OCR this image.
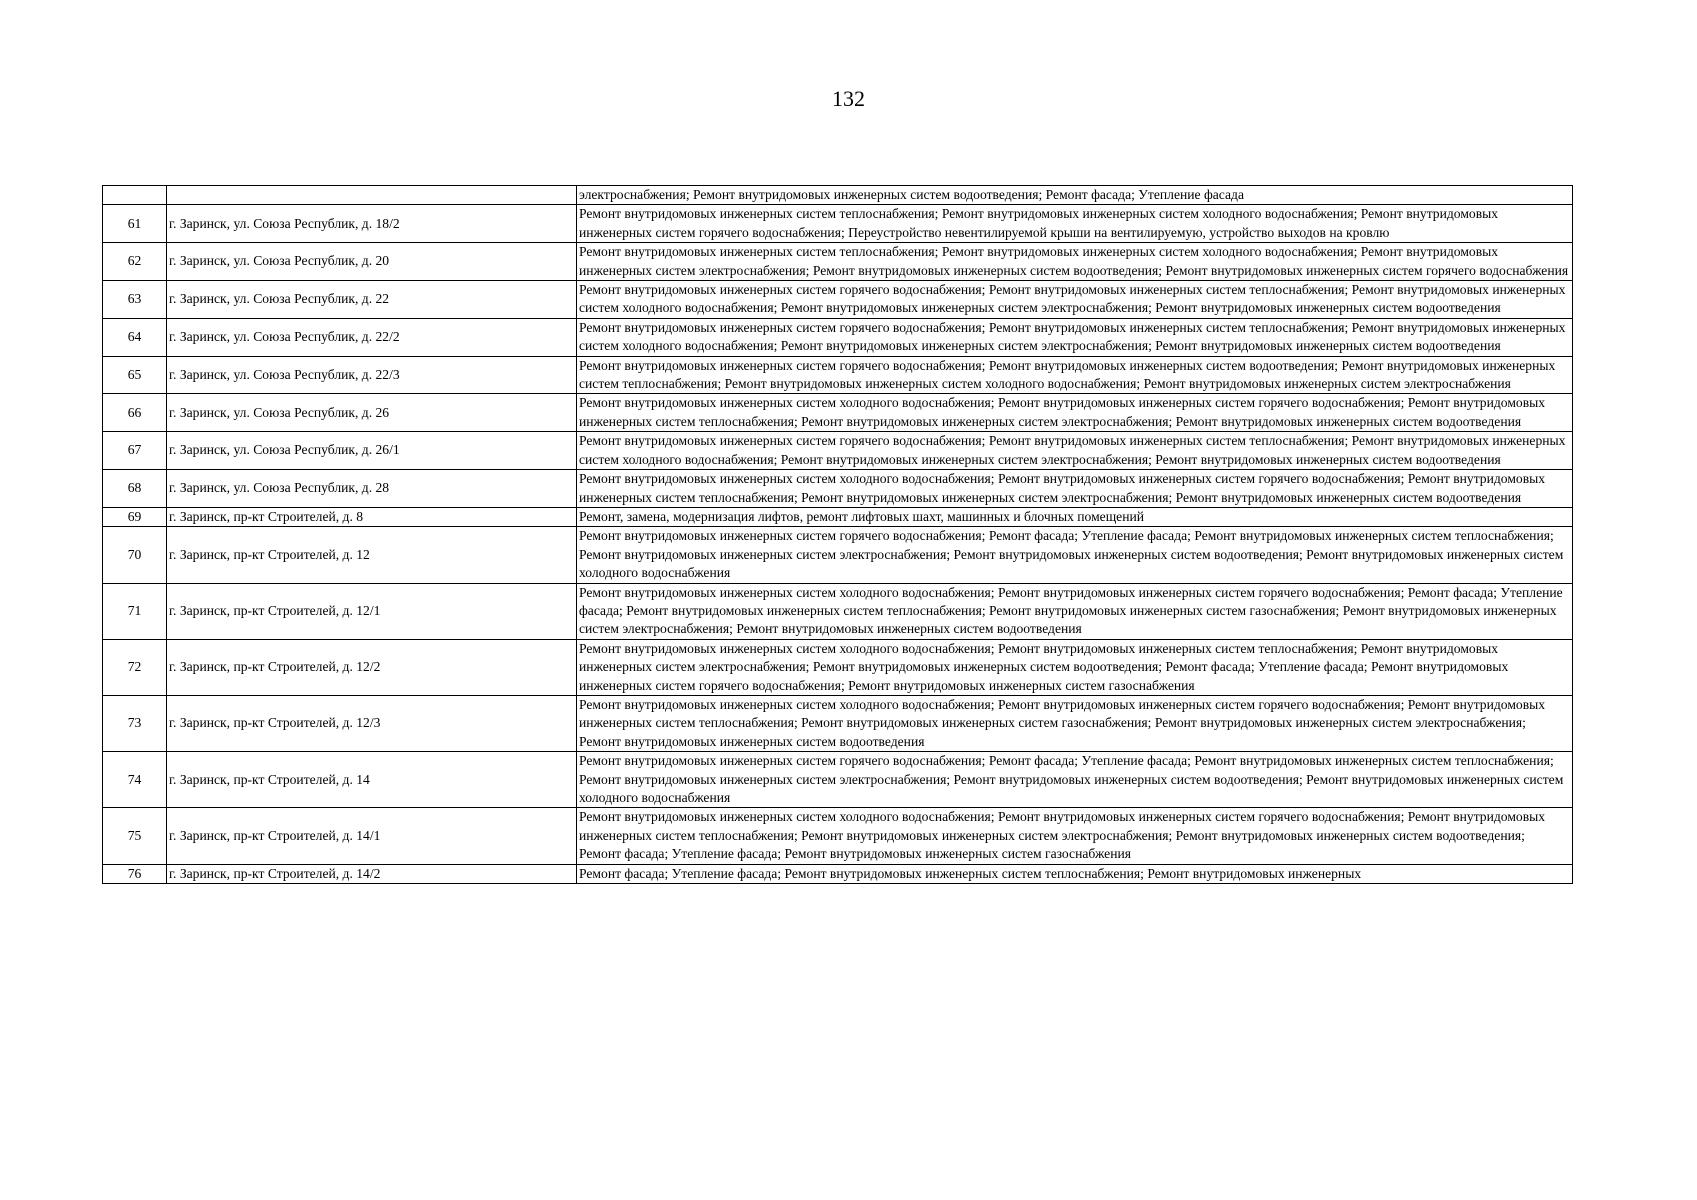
132
		электроснабжения; Ремонт внутридомовых инженерных систем водоотведения; Ремонт фасада; Утепление фасада
61	г. Заринск, ул. Союза Республик, д. 18/2	Ремонт внутридомовых инженерных систем теплоснабжения; Ремонт внутридомовых инженерных систем холодного водоснабжения; Ремонт внутридомовых инженерных систем горячего водоснабжения; Переустройство невентилируемой крыши на вентилируемую, устройство выходов на кровлю
62	г. Заринск, ул. Союза Республик, д. 20	Ремонт внутридомовых инженерных систем теплоснабжения; Ремонт внутридомовых инженерных систем холодного водоснабжения; Ремонт внутридомовых инженерных систем электроснабжения; Ремонт внутридомовых инженерных систем водоотведения; Ремонт внутридомовых инженерных систем горячего водоснабжения
63	г. Заринск, ул. Союза Республик, д. 22	Ремонт внутридомовых инженерных систем горячего водоснабжения; Ремонт внутридомовых инженерных систем теплоснабжения; Ремонт внутридомовых инженерных систем холодного водоснабжения; Ремонт внутридомовых инженерных систем электроснабжения; Ремонт внутридомовых инженерных систем водоотведения
64	г. Заринск, ул. Союза Республик, д. 22/2	Ремонт внутридомовых инженерных систем горячего водоснабжения; Ремонт внутридомовых инженерных систем теплоснабжения; Ремонт внутридомовых инженерных систем холодного водоснабжения; Ремонт внутридомовых инженерных систем электроснабжения; Ремонт внутридомовых инженерных систем водоотведения
65	г. Заринск, ул. Союза Республик, д. 22/3	Ремонт внутридомовых инженерных систем горячего водоснабжения; Ремонт внутридомовых инженерных систем водоотведения; Ремонт внутридомовых инженерных систем теплоснабжения; Ремонт внутридомовых инженерных систем холодного водоснабжения; Ремонт внутридомовых инженерных систем электроснабжения
66	г. Заринск, ул. Союза Республик, д. 26	Ремонт внутридомовых инженерных систем холодного водоснабжения; Ремонт внутридомовых инженерных систем горячего водоснабжения; Ремонт внутридомовых инженерных систем теплоснабжения; Ремонт внутридомовых инженерных систем электроснабжения; Ремонт внутридомовых инженерных систем водоотведения
67	г. Заринск, ул. Союза Республик, д. 26/1	Ремонт внутридомовых инженерных систем горячего водоснабжения; Ремонт внутридомовых инженерных систем теплоснабжения; Ремонт внутридомовых инженерных систем холодного водоснабжения; Ремонт внутридомовых инженерных систем электроснабжения; Ремонт внутридомовых инженерных систем водоотведения
68	г. Заринск, ул. Союза Республик, д. 28	Ремонт внутридомовых инженерных систем холодного водоснабжения; Ремонт внутридомовых инженерных систем горячего водоснабжения; Ремонт внутридомовых инженерных систем теплоснабжения; Ремонт внутридомовых инженерных систем электроснабжения; Ремонт внутридомовых инженерных систем водоотведения
69	г. Заринск, пр-кт Строителей, д. 8	Ремонт, замена, модернизация лифтов, ремонт лифтовых шахт, машинных и блочных помещений
70	г. Заринск, пр-кт Строителей, д. 12	Ремонт внутридомовых инженерных систем горячего водоснабжения; Ремонт фасада; Утепление фасада; Ремонт внутридомовых инженерных систем теплоснабжения; Ремонт внутридомовых инженерных систем электроснабжения; Ремонт внутридомовых инженерных систем водоотведения; Ремонт внутридомовых инженерных систем холодного водоснабжения
71	г. Заринск, пр-кт Строителей, д. 12/1	Ремонт внутридомовых инженерных систем холодного водоснабжения; Ремонт внутридомовых инженерных систем горячего водоснабжения; Ремонт фасада; Утепление фасада; Ремонт внутридомовых инженерных систем теплоснабжения; Ремонт внутридомовых инженерных систем газоснабжения; Ремонт внутридомовых инженерных систем электроснабжения; Ремонт внутридомовых инженерных систем водоотведения
72	г. Заринск, пр-кт Строителей, д. 12/2	Ремонт внутридомовых инженерных систем холодного водоснабжения; Ремонт внутридомовых инженерных систем теплоснабжения; Ремонт внутридомовых инженерных систем электроснабжения; Ремонт внутридомовых инженерных систем водоотведения; Ремонт фасада; Утепление фасада; Ремонт внутридомовых инженерных систем горячего водоснабжения; Ремонт внутридомовых инженерных систем газоснабжения
73	г. Заринск, пр-кт Строителей, д. 12/3	Ремонт внутридомовых инженерных систем холодного водоснабжения; Ремонт внутридомовых инженерных систем горячего водоснабжения; Ремонт внутридомовых инженерных систем теплоснабжения; Ремонт внутридомовых инженерных систем газоснабжения; Ремонт внутридомовых инженерных систем электроснабжения; Ремонт внутридомовых инженерных систем водоотведения
74	г. Заринск, пр-кт Строителей, д. 14	Ремонт внутридомовых инженерных систем горячего водоснабжения; Ремонт фасада; Утепление фасада; Ремонт внутридомовых инженерных систем теплоснабжения; Ремонт внутридомовых инженерных систем электроснабжения; Ремонт внутридомовых инженерных систем водоотведения; Ремонт внутридомовых инженерных систем холодного водоснабжения
75	г. Заринск, пр-кт Строителей, д. 14/1	Ремонт внутридомовых инженерных систем холодного водоснабжения; Ремонт внутридомовых инженерных систем горячего водоснабжения; Ремонт внутридомовых инженерных систем теплоснабжения; Ремонт внутридомовых инженерных систем электроснабжения; Ремонт внутридомовых инженерных систем водоотведения; Ремонт фасада; Утепление фасада; Ремонт внутридомовых инженерных систем газоснабжения
76	г. Заринск, пр-кт Строителей, д. 14/2	Ремонт фасада; Утепление фасада; Ремонт внутридомовых инженерных систем теплоснабжения; Ремонт внутридомовых инженерных
